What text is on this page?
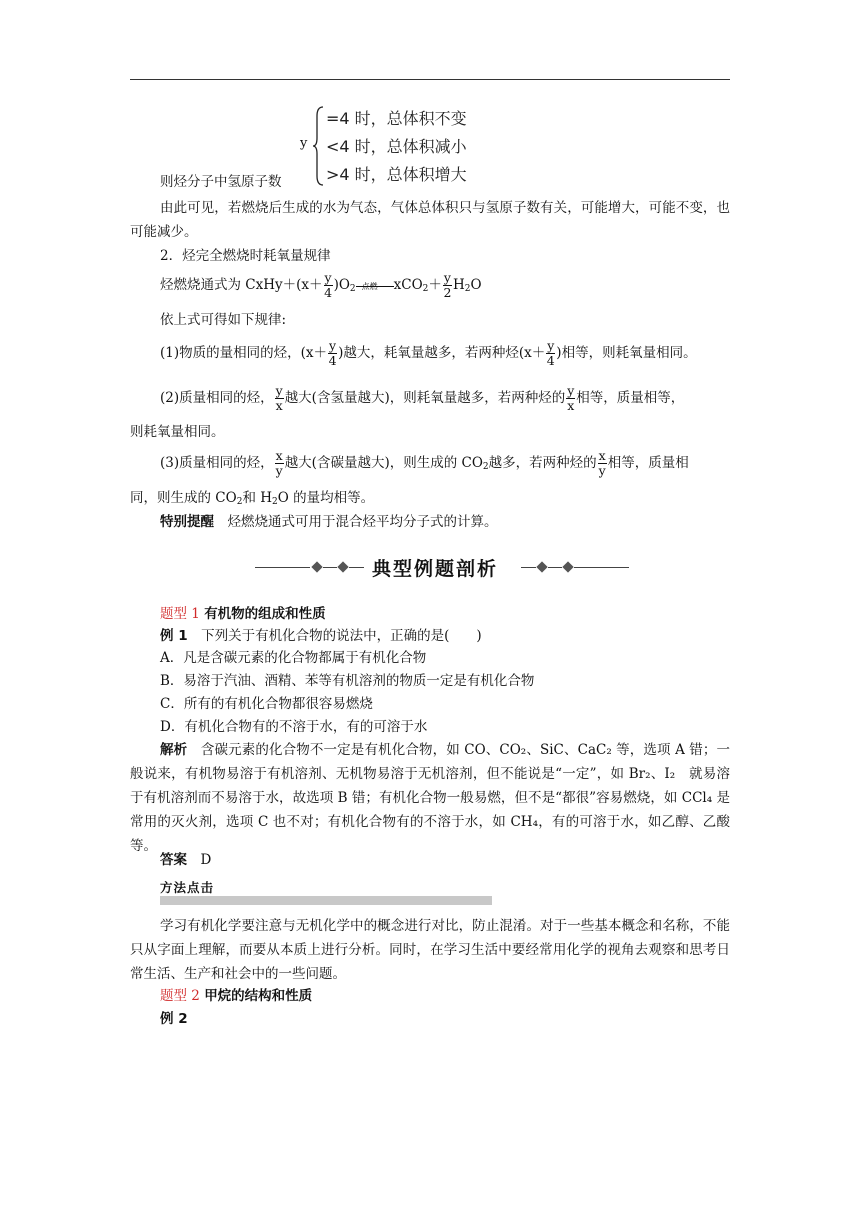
y
=4 时，总体积不变
<4 时，总体积减小
>4 时，总体积增大
则烃分子中氢原子数
由此可见，若燃烧后生成的水为气态，气体总体积只与氢原子数有关，可能增大，可能不变，也可能减少。
2．烃完全燃烧时耗氧量规律
烃燃烧通式为 CxHy＋(x＋ $\frac{y}{4} )O_2$ 点燃 $xCO_2+ \frac{y}{2} H_2O$
依上式可得如下规律:
(1)物质的量相同的烃，($x+ \frac{y}{4}$ )越大，耗氧量越多，若两种烃($x+ \frac{y}{4}$ )相等，则耗氧量相同。
(2)质量相同的烃， $\frac{y}{x}$ 越大(含氢量越大)，则耗氧量越多，若两种烃的 $\frac{y}{x}$ 相等，质量相等，
则耗氧量相同。
(3)质量相同的烃， $\frac{x}{y}$ 越大(含碳量越大)，则生成的 $CO_2$越多，若两种烃的 $\frac{x}{y}$ 相等，质量相
同，则生成的 $CO_2$和 $H_2O$ 的量均相等。
特别提醒　 烃燃烧通式可用于混合烃平均分子式的计算。
典型例题剖析
题型 1 有机物的组成和性质
例 1　 下列关于有机化合物的说法中，正确的是(　　)
A．凡是含碳元素的化合物都属于有机化合物
B．易溶于汽油、酒精、苯等有机溶剂的物质一定是有机化合物
C．所有的有机化合物都很容易燃烧
D．有机化合物有的不溶于水，有的可溶于水
解析　 含碳元素的化合物不一定是有机化合物，如 CO、CO₂、SiC、CaC₂ 等，选项 A 错；一般说来，有机物易溶于有机溶剂、无机物易溶于无机溶剂，但不能说是“一定”，如 Br₂、I₂　就易溶于有机溶剂而不易溶于水，故选项 B 错；有机化合物一般易燃，但不是“都很”容易燃烧，如 CCl₄ 是常用的灭火剂，选项 C 也不对；有机化合物有的不溶于水，如 CH₄，有的可溶于水，如乙醇、乙酸等。
答案　 D
方法点击
学习有机化学要注意与无机化学中的概念进行对比，防止混淆。对于一些基本概念和名称，不能只从字面上理解，而要从本质上进行分析。同时，在学习生活中要经常用化学的视角去观察和思考日常生活、生产和社会中的一些问题。
题型 2 甲烷的结构和性质
例 2
